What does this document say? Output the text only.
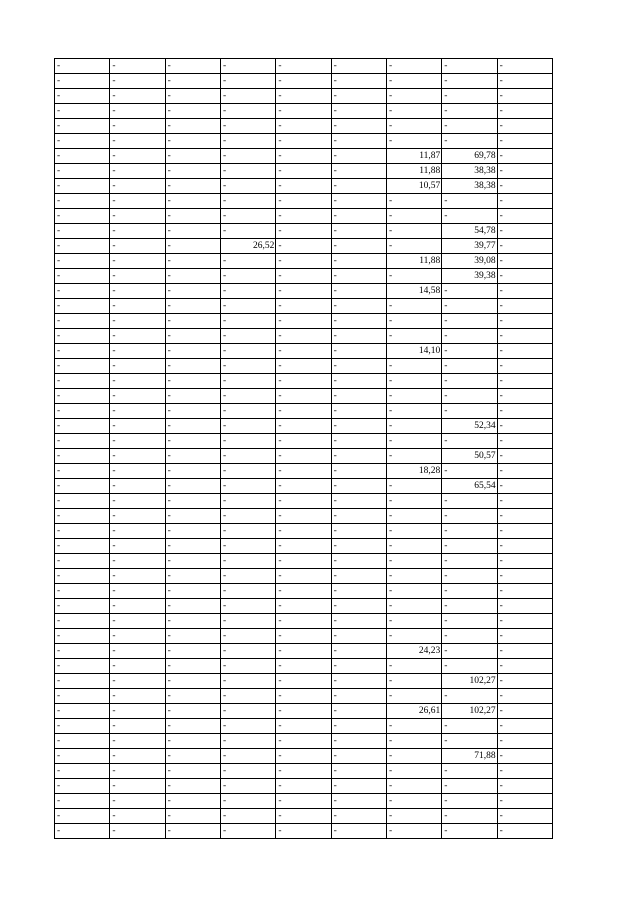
-	-	-	-	-	-	-	-	-
-	-	-	-	-	-	-	-	-
-	-	-	-	-	-	-	-	-
-	-	-	-	-	-	-	-	-
-	-	-	-	-	-	-	-	-
-	-	-	-	-	-	-	-	-
-	-	-	-	-	-	11,87	69,78	-
-	-	-	-	-	-	11,88	38,38	-
-	-	-	-	-	-	10,57	38,38	-
-	-	-	-	-	-	-	-	-
-	-	-	-	-	-	-	-	-
-	-	-	-	-	-	-	54,78	-
-	-	-	26,52	-	-	-	39,77	-
-	-	-	-	-	-	11,88	39,08	-
-	-	-	-	-	-	-	39,38	-
-	-	-	-	-	-	14,58	-	-
-	-	-	-	-	-	-	-	-
-	-	-	-	-	-	-	-	-
-	-	-	-	-	-	-	-	-
-	-	-	-	-	-	14,10	-	-
-	-	-	-	-	-	-	-	-
-	-	-	-	-	-	-	-	-
-	-	-	-	-	-	-	-	-
-	-	-	-	-	-	-	-	-
-	-	-	-	-	-	-	52,34	-
-	-	-	-	-	-	-	-	-
-	-	-	-	-	-	-	50,57	-
-	-	-	-	-	-	18,28	-	-
-	-	-	-	-	-	-	65,54	-
-	-	-	-	-	-	-	-	-
-	-	-	-	-	-	-	-	-
-	-	-	-	-	-	-	-	-
-	-	-	-	-	-	-	-	-
-	-	-	-	-	-	-	-	-
-	-	-	-	-	-	-	-	-
-	-	-	-	-	-	-	-	-
-	-	-	-	-	-	-	-	-
-	-	-	-	-	-	-	-	-
-	-	-	-	-	-	-	-	-
-	-	-	-	-	-	24,23	-	-
-	-	-	-	-	-	-	-	-
-	-	-	-	-	-	-	102,27	-
-	-	-	-	-	-	-	-	-
-	-	-	-	-	-	26,61	102,27	-
-	-	-	-	-	-	-	-	-
-	-	-	-	-	-	-	-	-
-	-	-	-	-	-	-	71,88	-
-	-	-	-	-	-	-	-	-
-	-	-	-	-	-	-	-	-
-	-	-	-	-	-	-	-	-
-	-	-	-	-	-	-	-	-
-	-	-	-	-	-	-	-	-
